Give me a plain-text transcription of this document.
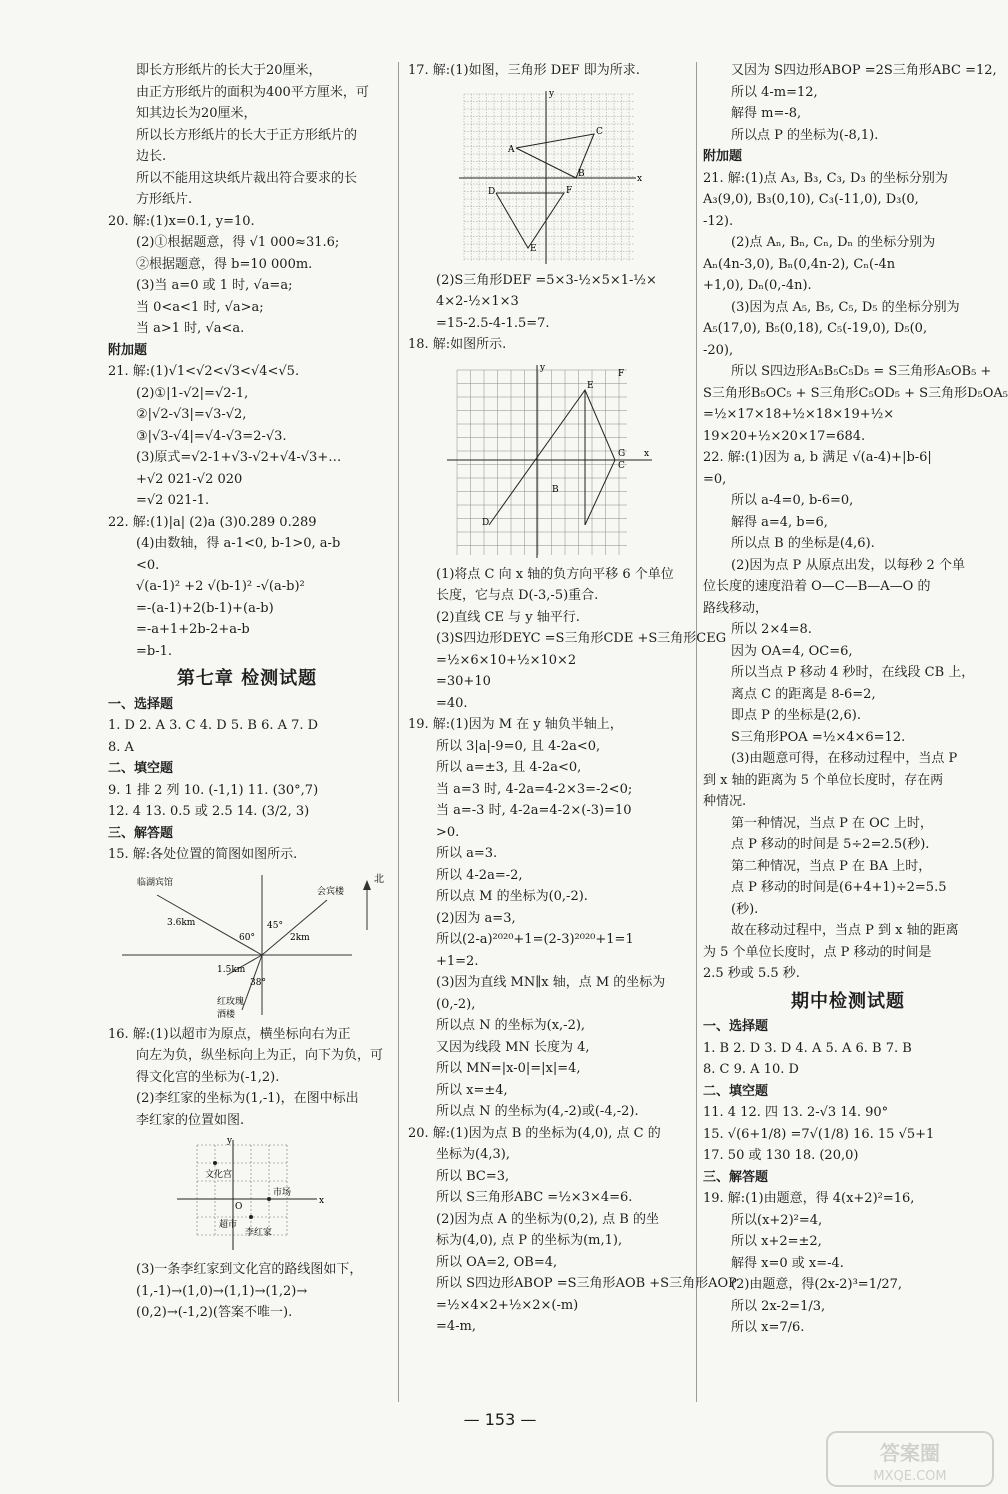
即长方形纸片的长大于20厘米，
由正方形纸片的面积为400平方厘米，可
知其边长为20厘米，
所以长方形纸片的长大于正方形纸片的
边长.
所以不能用这块纸片裁出符合要求的长
方形纸片.
20. 解:(1)x=0.1, y=10.
(2)①根据题意，得 √1 000≈31.6;
②根据题意，得 b=10 000m.
(3)当 a=0 或 1 时, √a=a;
当 0<a<1 时, √a>a;
当 a>1 时, √a<a.
附加题
21. 解:(1)√1<√2<√3<√4<√5.
(2)①|1-√2|=√2-1,
②|√2-√3|=√3-√2,
③|√3-√4|=√4-√3=2-√3.
(3)原式=√2-1+√3-√2+√4-√3+…
+√2 021-√2 020
=√2 021-1.
22. 解:(1)|a| (2)a (3)0.289 0.289
(4)由数轴，得 a-1<0, b-1>0, a-b
<0.
√(a-1)² +2 √(b-1)² -√(a-b)²
=-(a-1)+2(b-1)+(a-b)
=-a+1+2b-2+a-b
=b-1.
第七章 检测试题
一、选择题
1. D 2. A 3. C 4. D 5. B 6. A 7. D
8. A
二、填空题
9. 1 排 2 列 10. (-1,1) 11. (30°,7)
12. 4 13. 0.5 或 2.5 14. (3/2, 3)
三、解答题
15. 解:各处位置的简图如图所示.
北
临湖宾馆
会宾楼
3.6km
2km
1.5km
60°
45°
38°
红玫瑰
酒楼
16. 解:(1)以超市为原点，横坐标向右为正
向左为负，纵坐标向上为正，向下为负，可
得文化宫的坐标为(-1,2).
(2)李红家的坐标为(1,-1)，在图中标出
李红家的位置如图.
x
y
文化宫
O
市场
超市
李红家
(3)一条李红家到文化宫的路线图如下，
(1,-1)→(1,0)→(1,1)→(1,2)→
(0,2)→(-1,2)(答案不唯一).
17. 解:(1)如图，三角形 DEF 即为所求.
A
C
B
D	F
E
x
y
(2)S三角形DEF =5×3-½×5×1-½×
4×2-½×1×3
=15-2.5-4-1.5=7.
18. 解:如图所示.
D
E
F
G
C
B
x
y
(1)将点 C 向 x 轴的负方向平移 6 个单位
长度，它与点 D(-3,-5)重合.
(2)直线 CE 与 y 轴平行.
(3)S四边形DEYC =S三角形CDE +S三角形CEG
=½×6×10+½×10×2
=30+10
=40.
19. 解:(1)因为 M 在 y 轴负半轴上，
所以 3|a|-9=0, 且 4-2a<0,
所以 a=±3, 且 4-2a<0,
当 a=3 时, 4-2a=4-2×3=-2<0;
当 a=-3 时, 4-2a=4-2×(-3)=10
>0.
所以 a=3.
所以 4-2a=-2,
所以点 M 的坐标为(0,-2).
(2)因为 a=3,
所以(2-a)²⁰²⁰+1=(2-3)²⁰²⁰+1=1
+1=2.
(3)因为直线 MN∥x 轴，点 M 的坐标为
(0,-2),
所以点 N 的坐标为(x,-2),
又因为线段 MN 长度为 4,
所以 MN=|x-0|=|x|=4,
所以 x=±4,
所以点 N 的坐标为(4,-2)或(-4,-2).
20. 解:(1)因为点 B 的坐标为(4,0), 点 C 的
坐标为(4,3),
所以 BC=3,
所以 S三角形ABC =½×3×4=6.
(2)因为点 A 的坐标为(0,2), 点 B 的坐
标为(4,0), 点 P 的坐标为(m,1),
所以 OA=2, OB=4,
所以 S四边形ABOP =S三角形AOB +S三角形AOP
=½×4×2+½×2×(-m)
=4-m,
又因为 S四边形ABOP =2S三角形ABC =12,
所以 4-m=12,
解得 m=-8,
所以点 P 的坐标为(-8,1).
附加题
21. 解:(1)点 A₃, B₃, C₃, D₃ 的坐标分别为
A₃(9,0), B₃(0,10), C₃(-11,0), D₃(0,
-12).
(2)点 Aₙ, Bₙ, Cₙ, Dₙ 的坐标分别为
Aₙ(4n-3,0), Bₙ(0,4n-2), Cₙ(-4n
+1,0), Dₙ(0,-4n).
(3)因为点 A₅, B₅, C₅, D₅ 的坐标分别为
A₅(17,0), B₅(0,18), C₅(-19,0), D₅(0,
-20),
所以 S四边形A₅B₅C₅D₅ = S三角形A₅OB₅ +
S三角形B₅OC₅ + S三角形C₅OD₅ + S三角形D₅OA₅
=½×17×18+½×18×19+½×
19×20+½×20×17=684.
22. 解:(1)因为 a, b 满足 √(a-4)+|b-6|
=0,
所以 a-4=0, b-6=0,
解得 a=4, b=6,
所以点 B 的坐标是(4,6).
(2)因为点 P 从原点出发，以每秒 2 个单
位长度的速度沿着 O—C—B—A—O 的
路线移动，
所以 2×4=8.
因为 OA=4, OC=6,
所以当点 P 移动 4 秒时，在线段 CB 上，
离点 C 的距离是 8-6=2,
即点 P 的坐标是(2,6).
S三角形POA =½×4×6=12.
(3)由题意可得，在移动过程中，当点 P
到 x 轴的距离为 5 个单位长度时，存在两
种情况.
第一种情况，当点 P 在 OC 上时，
点 P 移动的时间是 5÷2=2.5(秒).
第二种情况，当点 P 在 BA 上时，
点 P 移动的时间是(6+4+1)÷2=5.5
(秒).
故在移动过程中，当点 P 到 x 轴的距离
为 5 个单位长度时，点 P 移动的时间是
2.5 秒或 5.5 秒.
期中检测试题
一、选择题
1. B 2. D 3. D 4. A 5. A 6. B 7. B
8. C 9. A 10. D
二、填空题
11. 4 12. 四 13. 2-√3 14. 90°
15. √(6+1/8) =7√(1/8) 16. 15 √5+1
17. 50 或 130 18. (20,0)
三、解答题
19. 解:(1)由题意，得 4(x+2)²=16,
所以(x+2)²=4,
所以 x+2=±2,
解得 x=0 或 x=-4.
(2)由题意，得(2x-2)³=1/27,
所以 2x-2=1/3,
所以 x=7/6.
— 153 —
答案圈
MXQE.COM
